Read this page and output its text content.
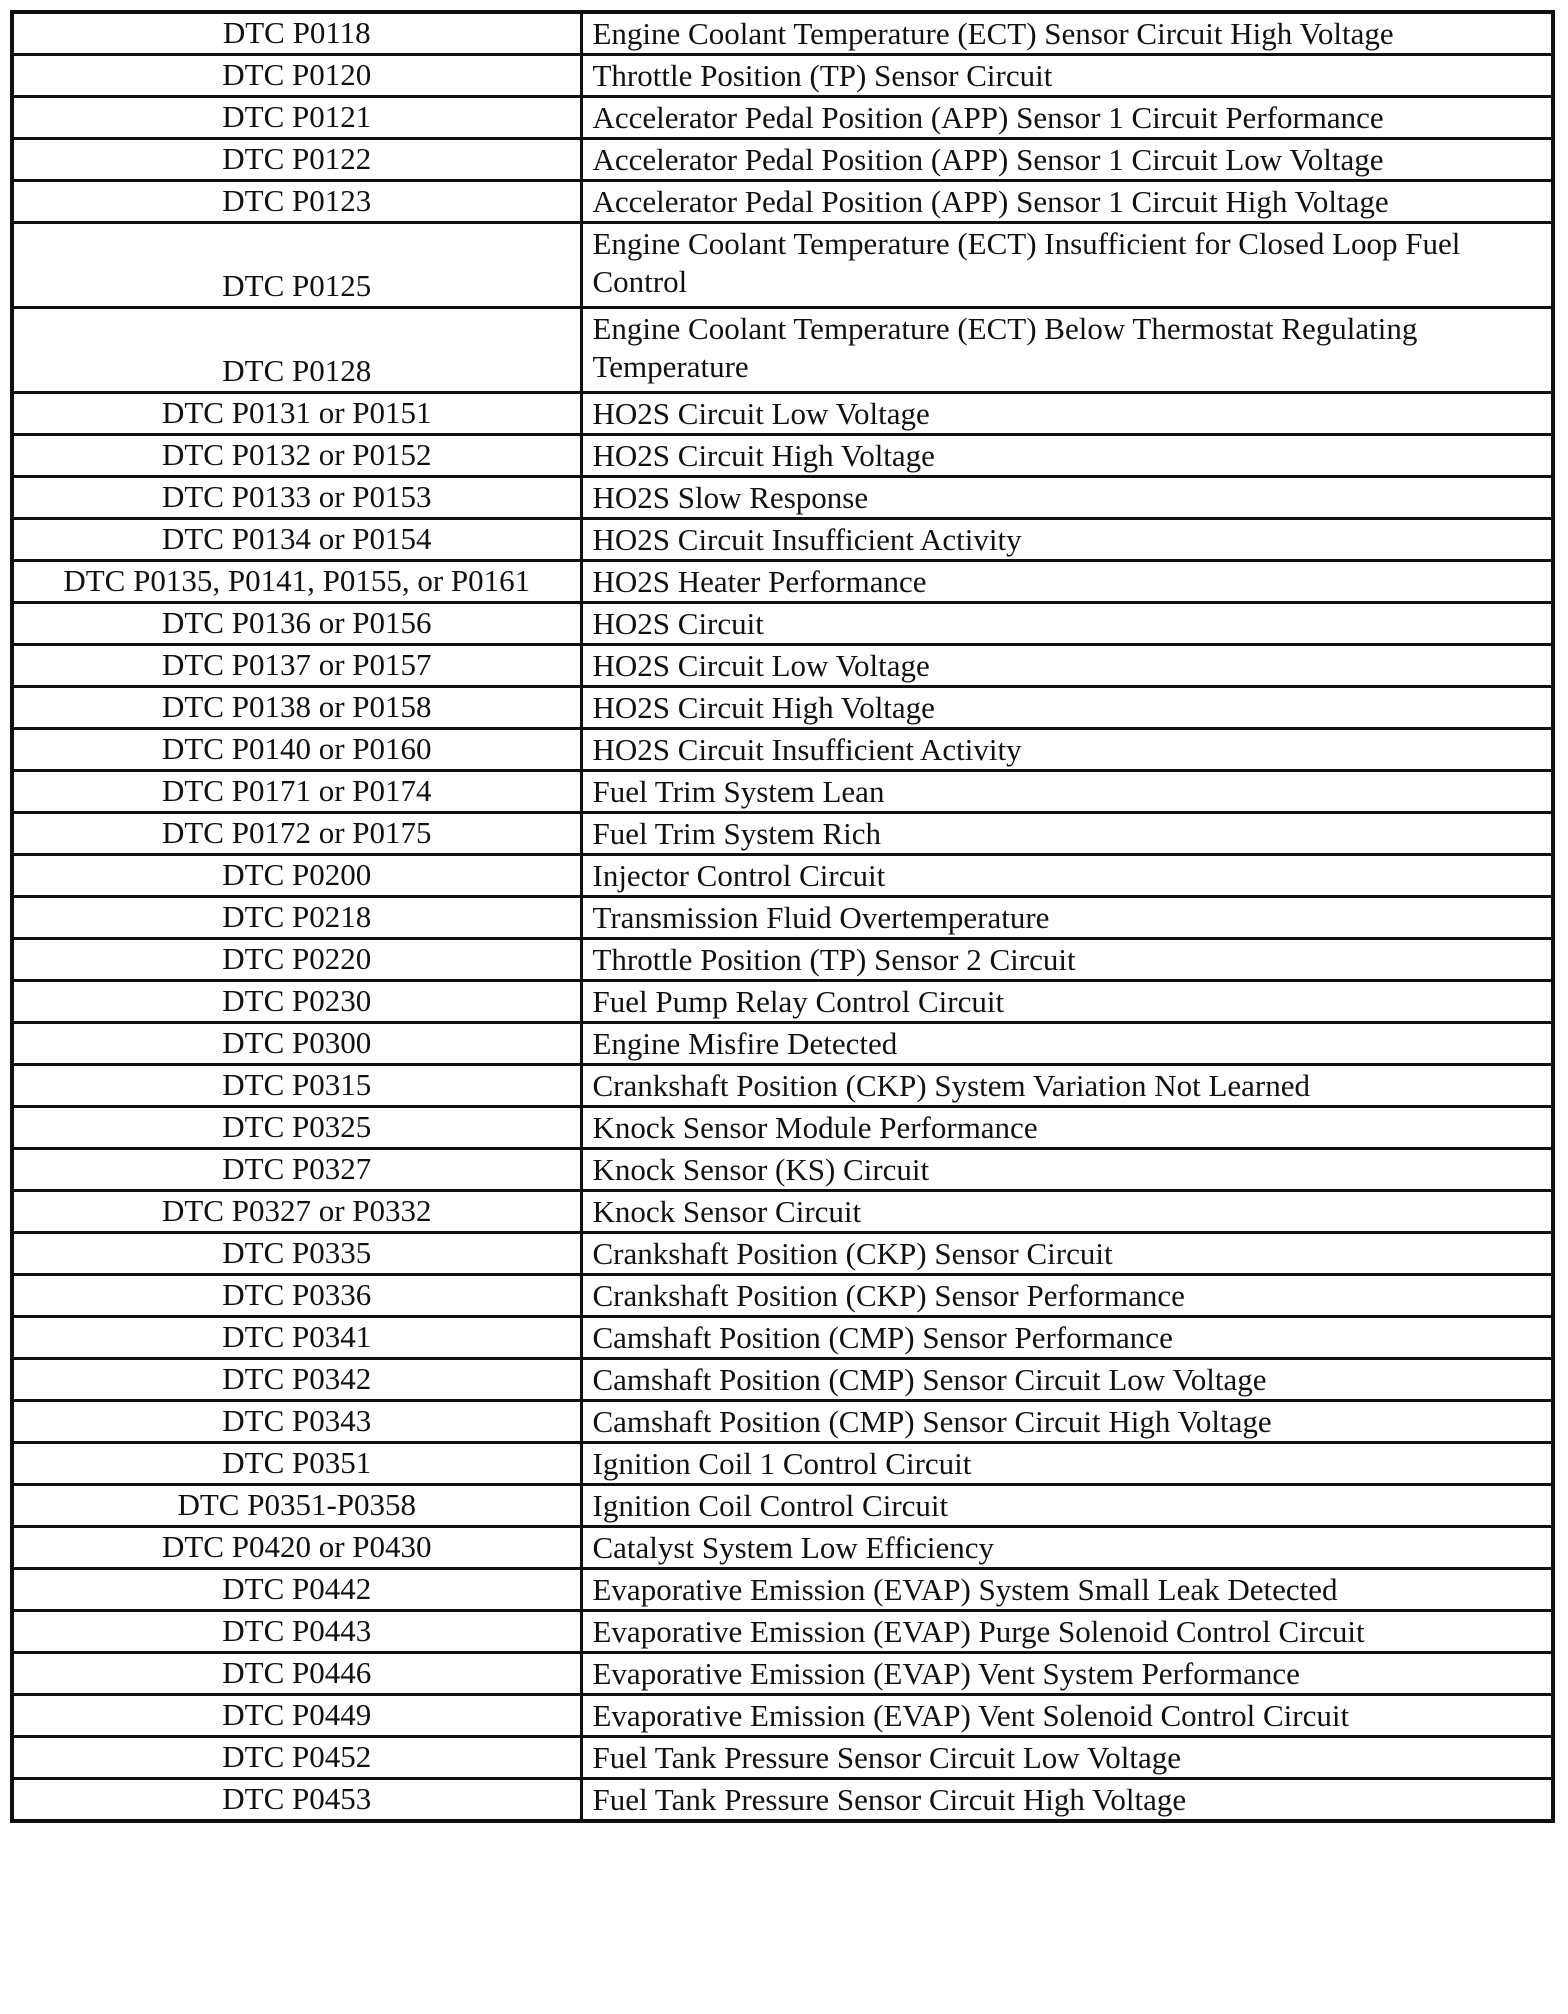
DTC P0118	Engine Coolant Temperature (ECT) Sensor Circuit High Voltage
DTC P0120	Throttle Position (TP) Sensor Circuit
DTC P0121	Accelerator Pedal Position (APP) Sensor 1 Circuit Performance
DTC P0122	Accelerator Pedal Position (APP) Sensor 1 Circuit Low Voltage
DTC P0123	Accelerator Pedal Position (APP) Sensor 1 Circuit High Voltage
DTC P0125	Engine Coolant Temperature (ECT) Insufficient for Closed Loop Fuel Control
DTC P0128	Engine Coolant Temperature (ECT) Below Thermostat Regulating Temperature
DTC P0131 or P0151	HO2S Circuit Low Voltage
DTC P0132 or P0152	HO2S Circuit High Voltage
DTC P0133 or P0153	HO2S Slow Response
DTC P0134 or P0154	HO2S Circuit Insufficient Activity
DTC P0135, P0141, P0155, or P0161	HO2S Heater Performance
DTC P0136 or P0156	HO2S Circuit
DTC P0137 or P0157	HO2S Circuit Low Voltage
DTC P0138 or P0158	HO2S Circuit High Voltage
DTC P0140 or P0160	HO2S Circuit Insufficient Activity
DTC P0171 or P0174	Fuel Trim System Lean
DTC P0172 or P0175	Fuel Trim System Rich
DTC P0200	Injector Control Circuit
DTC P0218	Transmission Fluid Overtemperature
DTC P0220	Throttle Position (TP) Sensor 2 Circuit
DTC P0230	Fuel Pump Relay Control Circuit
DTC P0300	Engine Misfire Detected
DTC P0315	Crankshaft Position (CKP) System Variation Not Learned
DTC P0325	Knock Sensor Module Performance
DTC P0327	Knock Sensor (KS) Circuit
DTC P0327 or P0332	Knock Sensor Circuit
DTC P0335	Crankshaft Position (CKP) Sensor Circuit
DTC P0336	Crankshaft Position (CKP) Sensor Performance
DTC P0341	Camshaft Position (CMP) Sensor Performance
DTC P0342	Camshaft Position (CMP) Sensor Circuit Low Voltage
DTC P0343	Camshaft Position (CMP) Sensor Circuit High Voltage
DTC P0351	Ignition Coil 1 Control Circuit
DTC P0351-P0358	Ignition Coil Control Circuit
DTC P0420 or P0430	Catalyst System Low Efficiency
DTC P0442	Evaporative Emission (EVAP) System Small Leak Detected
DTC P0443	Evaporative Emission (EVAP) Purge Solenoid Control Circuit
DTC P0446	Evaporative Emission (EVAP) Vent System Performance
DTC P0449	Evaporative Emission (EVAP) Vent Solenoid Control Circuit
DTC P0452	Fuel Tank Pressure Sensor Circuit Low Voltage
DTC P0453	Fuel Tank Pressure Sensor Circuit High Voltage
